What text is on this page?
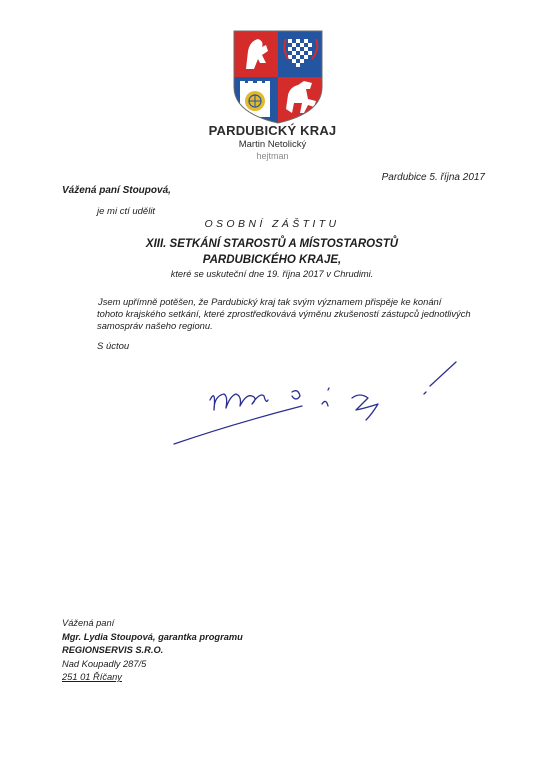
PARDUBICKÝ KRAJ
Martin Netolický
hejtman
Pardubice 5. října 2017
Vážená paní Stoupová,
je mi ctí udělit
OSOBNÍ ZÁŠTITU
XIII. SETKÁNÍ STAROSTŮ A MÍSTOSTAROSTŮ
PARDUBICKÉHO KRAJE,
které se uskuteční dne 19. října 2017 v Chrudimi.
Jsem upřímně potěšen, že Pardubický kraj tak svým významem přispěje ke konání
tohoto krajského setkání, které zprostředkovává výměnu zkušeností zástupců jednotlivých
samospráv našeho regionu.
S úctou
Vážená paní
Mgr. Lydia Stoupová, garantka programu
REGIONSERVIS S.R.O.
Nad Koupadly 287/5
251 01 Říčany
